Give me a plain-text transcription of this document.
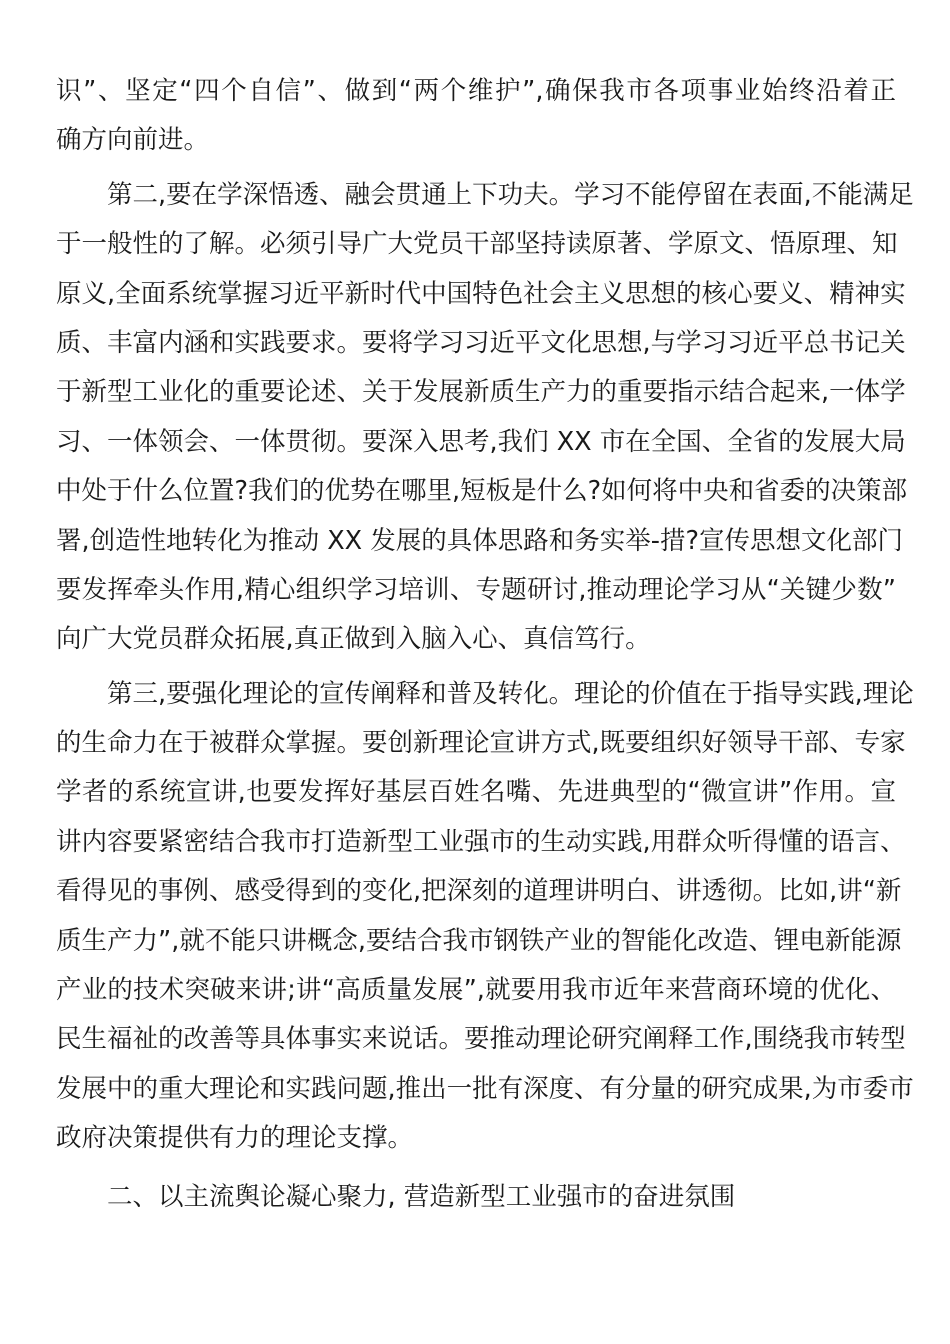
识”、坚定“四个自信”、做到“两个维护”,确保我市各项事业始终沿着正
确方向前进。
第二,要在学深悟透、融会贯通上下功夫。学习不能停留在表面,不能满足
于一般性的了解。必须引导广大党员干部坚持读原著、学原文、悟原理、知
原义,全面系统掌握习近平新时代中国特色社会主义思想的核心要义、精神实
质、丰富内涵和实践要求。要将学习习近平文化思想,与学习习近平总书记关
于新型工业化的重要论述、关于发展新质生产力的重要指示结合起来,一体学
习、一体领会、一体贯彻。要深入思考,我们 XX 市在全国、全省的发展大局
中处于什么位置?我们的优势在哪里,短板是什么?如何将中央和省委的决策部
署,创造性地转化为推动 XX 发展的具体思路和务实举-措?宣传思想文化部门
要发挥牵头作用,精心组织学习培训、专题研讨,推动理论学习从“关键少数”
向广大党员群众拓展,真正做到入脑入心、真信笃行。
第三,要强化理论的宣传阐释和普及转化。理论的价值在于指导实践,理论
的生命力在于被群众掌握。要创新理论宣讲方式,既要组织好领导干部、专家
学者的系统宣讲,也要发挥好基层百姓名嘴、先进典型的“微宣讲”作用。宣
讲内容要紧密结合我市打造新型工业强市的生动实践,用群众听得懂的语言、
看得见的事例、感受得到的变化,把深刻的道理讲明白、讲透彻。比如,讲“新
质生产力”,就不能只讲概念,要结合我市钢铁产业的智能化改造、锂电新能源
产业的技术突破来讲;讲“高质量发展”,就要用我市近年来营商环境的优化、
民生福祉的改善等具体事实来说话。要推动理论研究阐释工作,围绕我市转型
发展中的重大理论和实践问题,推出一批有深度、有分量的研究成果,为市委市
政府决策提供有力的理论支撑。
二、以主流舆论凝心聚力, 营造新型工业强市的奋进氛围
